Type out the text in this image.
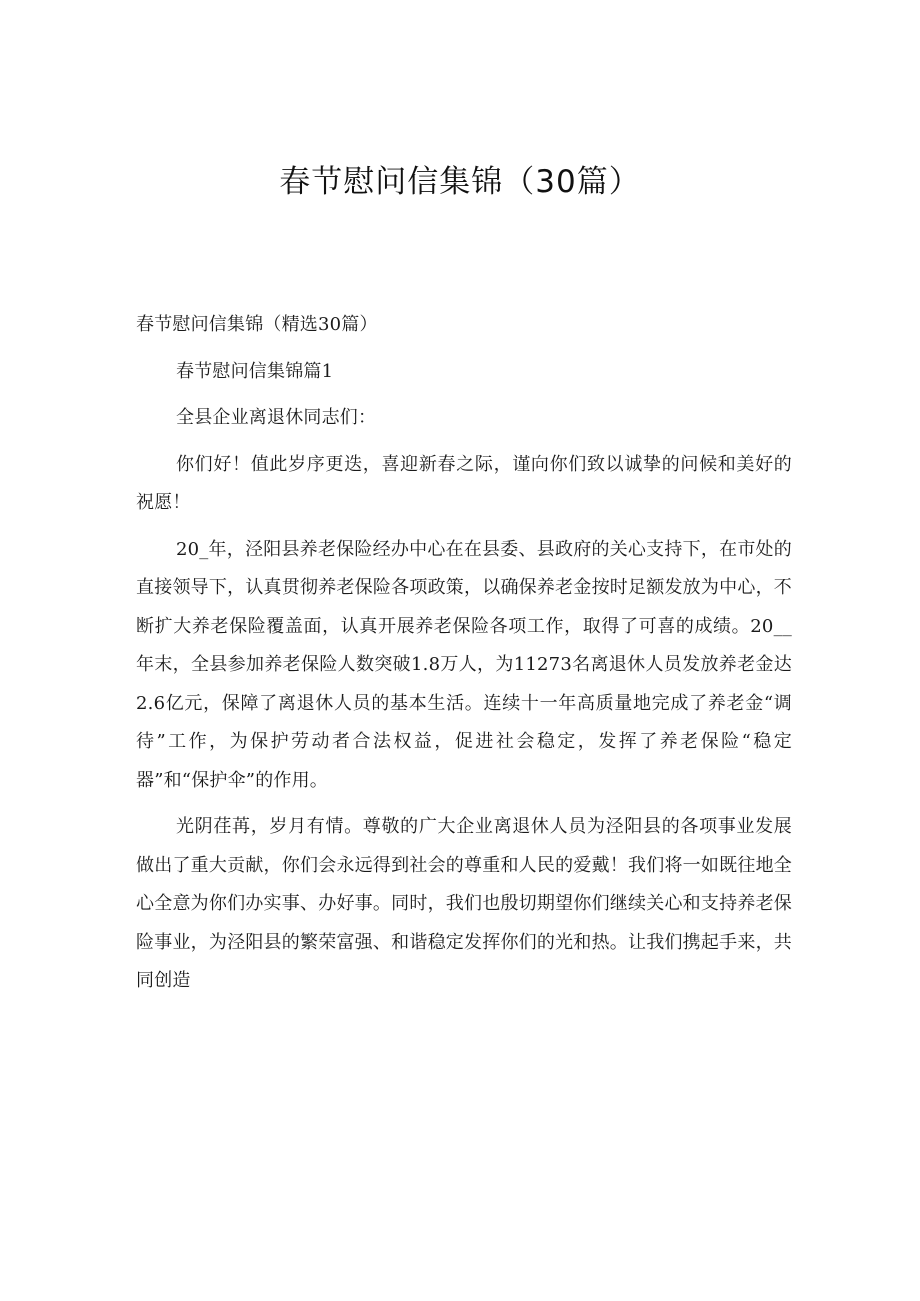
春节慰问信集锦（30篇）

春节慰问信集锦（精选30篇）

春节慰问信集锦篇1

全县企业离退休同志们：

你们好！值此岁序更迭，喜迎新春之际，谨向你们致以诚挚的问候和美好的祝愿！

20_年，泾阳县养老保险经办中心在在县委、县政府的关心支持下，在市处的直接领导下，认真贯彻养老保险各项政策，以确保养老金按时足额发放为中心，不断扩大养老保险覆盖面，认真开展养老保险各项工作，取得了可喜的成绩。20__年末，全县参加养老保险人数突破1.8万人，为11273名离退休人员发放养老金达2.6亿元，保障了离退休人员的基本生活。连续十一年高质量地完成了养老金“调待”工作，为保护劳动者合法权益，促进社会稳定，发挥了养老保险“稳定器”和“保护伞”的作用。

光阴荏苒，岁月有情。尊敬的广大企业离退休人员为泾阳县的各项事业发展做出了重大贡献，你们会永远得到社会的尊重和人民的爱戴！我们将一如既往地全心全意为你们办实事、办好事。同时，我们也殷切期望你们继续关心和支持养老保险事业，为泾阳县的繁荣富强、和谐稳定发挥你们的光和热。让我们携起手来，共同创造
